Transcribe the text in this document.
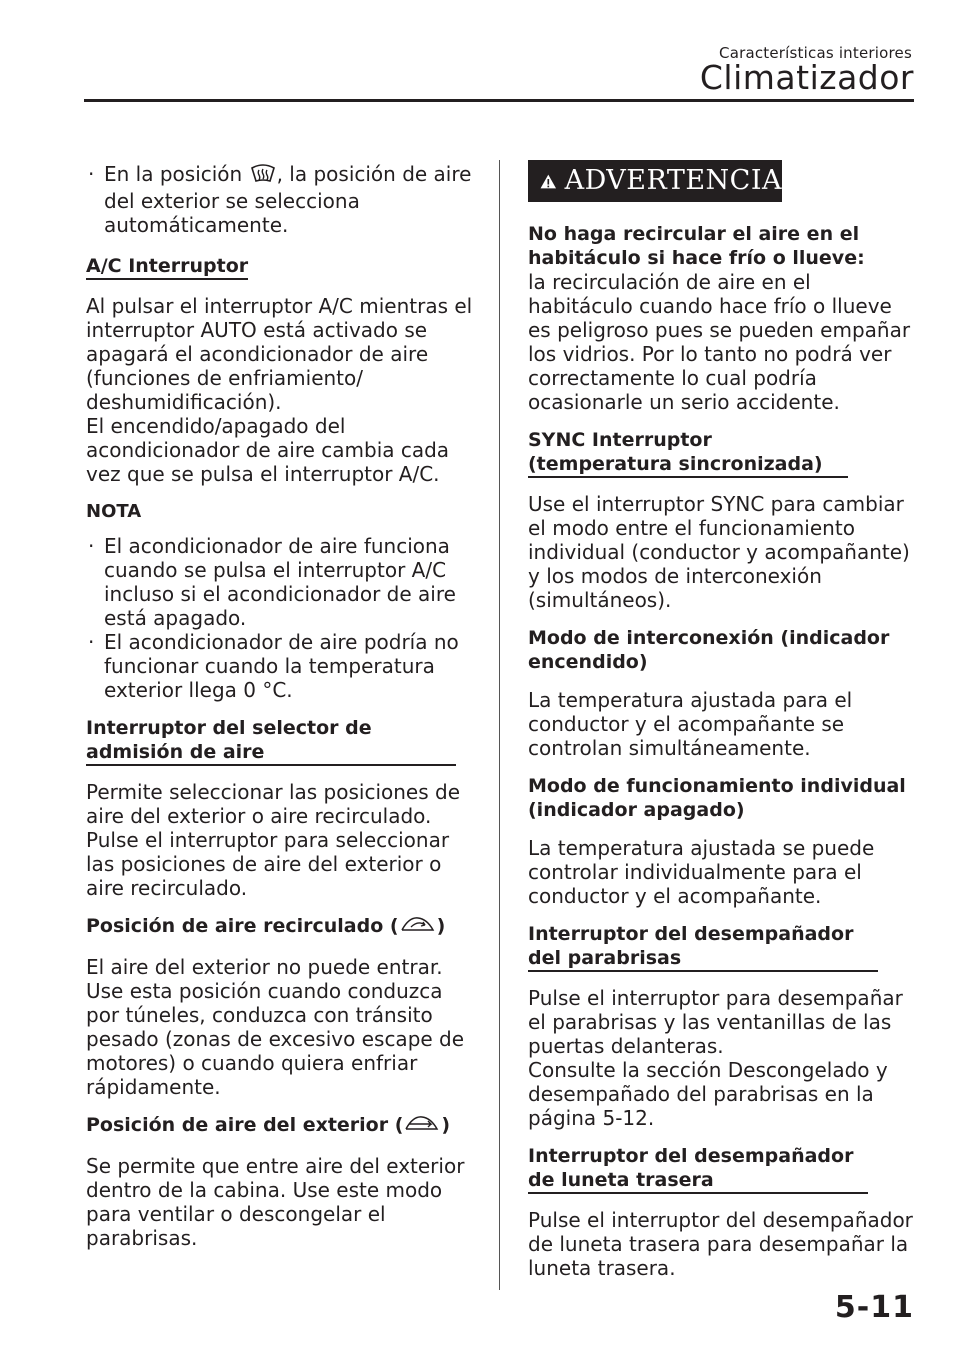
Características interiores
Climatizador

· En la posición , la posición de aire del exterior se selecciona automáticamente.

A/C Interruptor

Al pulsar el interruptor A/C mientras el interruptor AUTO está activado se apagará el acondicionador de aire (funciones de enfriamiento/ deshumidificación).

El encendido/apagado del acondicionador de aire cambia cada vez que se pulsa el interruptor A/C.

NOTA

· El acondicionador de aire funciona cuando se pulsa el interruptor A/C incluso si el acondicionador de aire está apagado.

· El acondicionador de aire podría no funcionar cuando la temperatura exterior llega 0 °C.

Interruptor del selector de admisión de aire

Permite seleccionar las posiciones de aire del exterior o aire recirculado.

Pulse el interruptor para seleccionar las posiciones de aire del exterior o aire recirculado.

Posición de aire recirculado ( )

El aire del exterior no puede entrar. Use esta posición cuando conduzca por túneles, conduzca con tránsito pesado (zonas de excesivo escape de motores) o cuando quiera enfriar rápidamente.

Posición de aire del exterior ( )

Se permite que entre aire del exterior dentro de la cabina. Use este modo para ventilar o descongelar el parabrisas.

ADVERTENCIA

No haga recircular el aire en el habitáculo si hace frío o llueve:

la recirculación de aire en el habitáculo cuando hace frío o llueve es peligroso pues se pueden empañar los vidrios. Por lo tanto no podrá ver correctamente lo cual podría ocasionarle un serio accidente.

SYNC Interruptor (temperatura sincronizada)

Use el interruptor SYNC para cambiar el modo entre el funcionamiento individual (conductor y acompañante) y los modos de interconexión (simultáneos).

Modo de interconexión (indicador encendido)

La temperatura ajustada para el conductor y el acompañante se controlan simultáneamente.

Modo de funcionamiento individual (indicador apagado)

La temperatura ajustada se puede controlar individualmente para el conductor y el acompañante.

Interruptor del desempañador del parabrisas

Pulse el interruptor para desempañar el parabrisas y las ventanillas de las puertas delanteras.

Consulte la sección Descongelado y desempañado del parabrisas en la página 5-12.

Interruptor del desempañador de luneta trasera

Pulse el interruptor del desempañador de luneta trasera para desempañar la luneta trasera.

5-11
